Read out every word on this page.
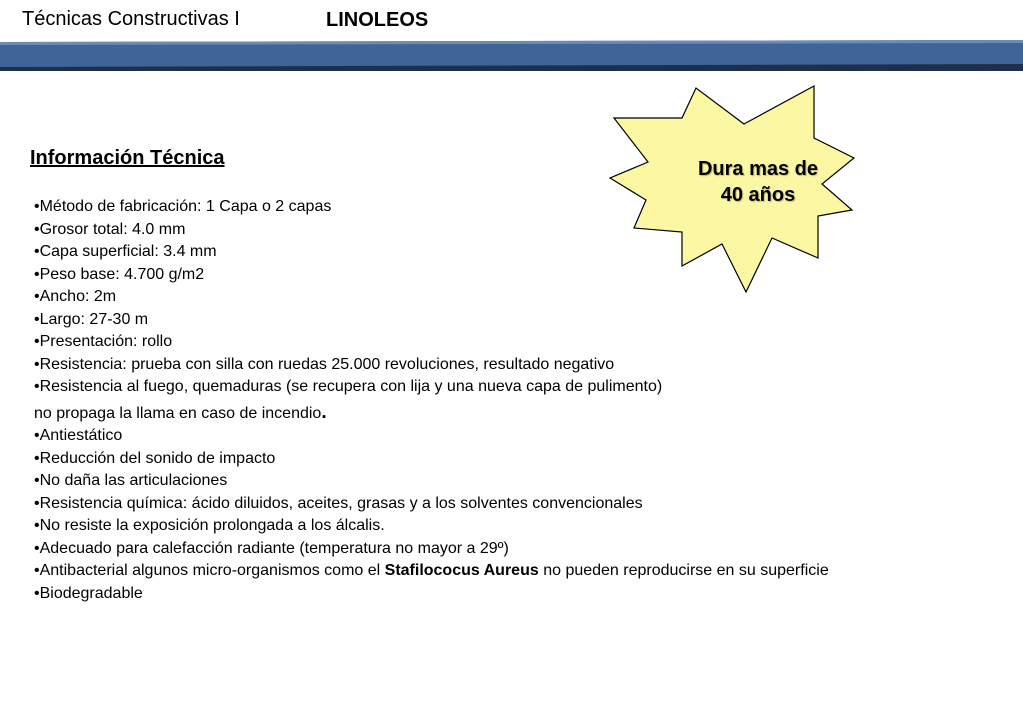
Técnicas Constructivas I	LINOLEOS
Dura mas de
40 años
Información Técnica
•Método de fabricación: 1 Capa o 2 capas
•Grosor total: 4.0 mm
•Capa superficial: 3.4 mm
•Peso base: 4.700 g/m2
•Ancho: 2m
•Largo: 27-30 m
•Presentación: rollo
•Resistencia: prueba con silla con ruedas 25.000 revoluciones, resultado negativo
•Resistencia al fuego, quemaduras (se recupera con lija y una nueva capa de pulimento)
no propaga la llama en caso de incendio.
•Antiestático
•Reducción del sonido de impacto
•No daña las articulaciones
•Resistencia química: ácido diluidos, aceites, grasas y a los solventes convencionales
•No resiste la exposición prolongada a los álcalis.
•Adecuado para calefacción radiante (temperatura no mayor a 29º)
•Antibacterial algunos micro-organismos como el Stafilococus Aureus no pueden reproducirse en su superficie
•Biodegradable
